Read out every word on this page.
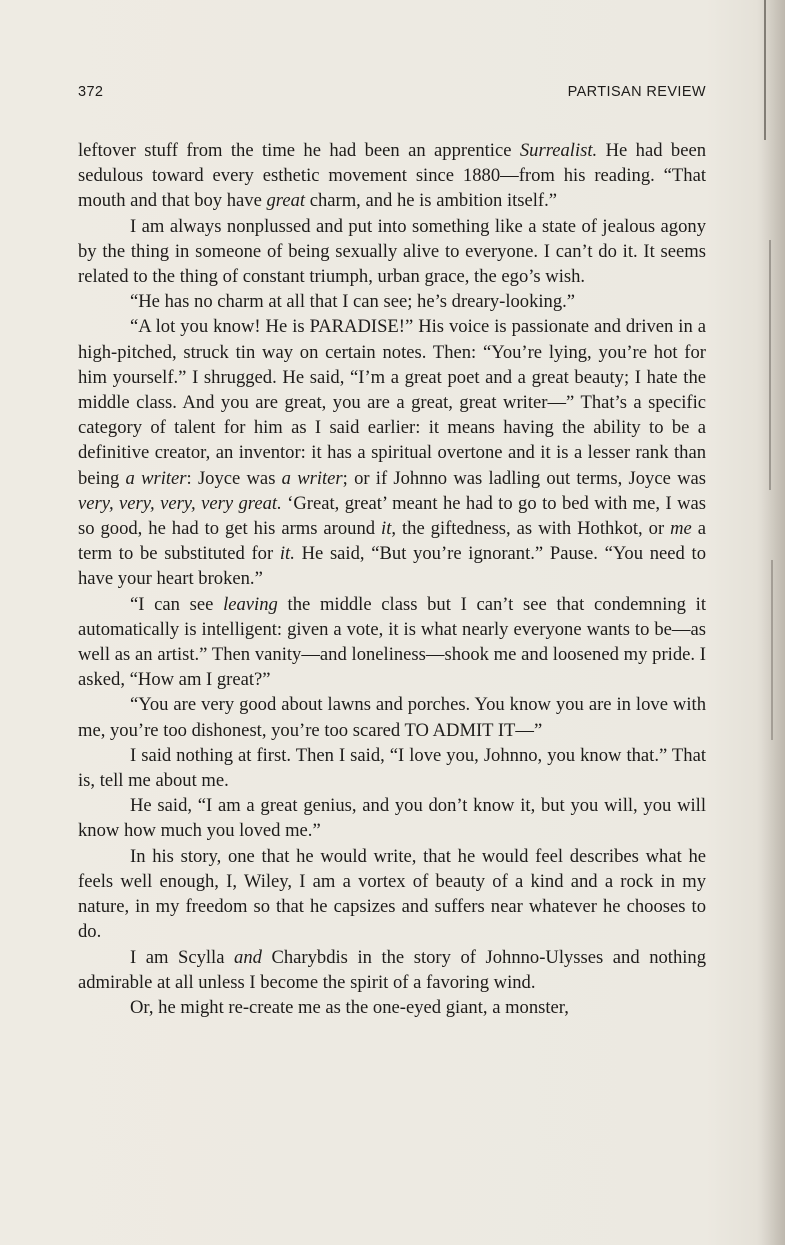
372	PARTISAN REVIEW

leftover stuff from the time he had been an apprentice Surrealist. He had been sedulous toward every esthetic movement since 1880—from his reading. “That mouth and that boy have great charm, and he is ambition itself.”

I am always nonplussed and put into something like a state of jealous agony by the thing in someone of being sexually alive to everyone. I can’t do it. It seems related to the thing of constant triumph, urban grace, the ego’s wish.

“He has no charm at all that I can see; he’s dreary-looking.”

“A lot you know! He is PARADISE!” His voice is passionate and driven in a high-pitched, struck tin way on certain notes. Then: “You’re lying, you’re hot for him yourself.” I shrugged. He said, “I’m a great poet and a great beauty; I hate the middle class. And you are great, you are a great, great writer—” That’s a specific category of talent for him as I said earlier: it means having the ability to be a definitive creator, an inventor: it has a spiritual overtone and it is a lesser rank than being a writer: Joyce was a writer; or if Johnno was ladling out terms, Joyce was very, very, very, very great. ‘Great, great’ meant he had to go to bed with me, I was so good, he had to get his arms around it, the giftedness, as with Hothkot, or me a term to be substituted for it. He said, “But you’re ignorant.” Pause. “You need to have your heart broken.”

“I can see leaving the middle class but I can’t see that condemning it automatically is intelligent: given a vote, it is what nearly everyone wants to be—as well as an artist.” Then vanity—and loneliness—shook me and loosened my pride. I asked, “How am I great?”

“You are very good about lawns and porches. You know you are in love with me, you’re too dishonest, you’re too scared TO ADMIT IT—”

I said nothing at first. Then I said, “I love you, Johnno, you know that.” That is, tell me about me.

He said, “I am a great genius, and you don’t know it, but you will, you will know how much you loved me.”

In his story, one that he would write, that he would feel describes what he feels well enough, I, Wiley, I am a vortex of beauty of a kind and a rock in my nature, in my freedom so that he capsizes and suffers near whatever he chooses to do.

I am Scylla and Charybdis in the story of Johnno-Ulysses and nothing admirable at all unless I become the spirit of a favoring wind.

Or, he might re-create me as the one-eyed giant, a monster,
